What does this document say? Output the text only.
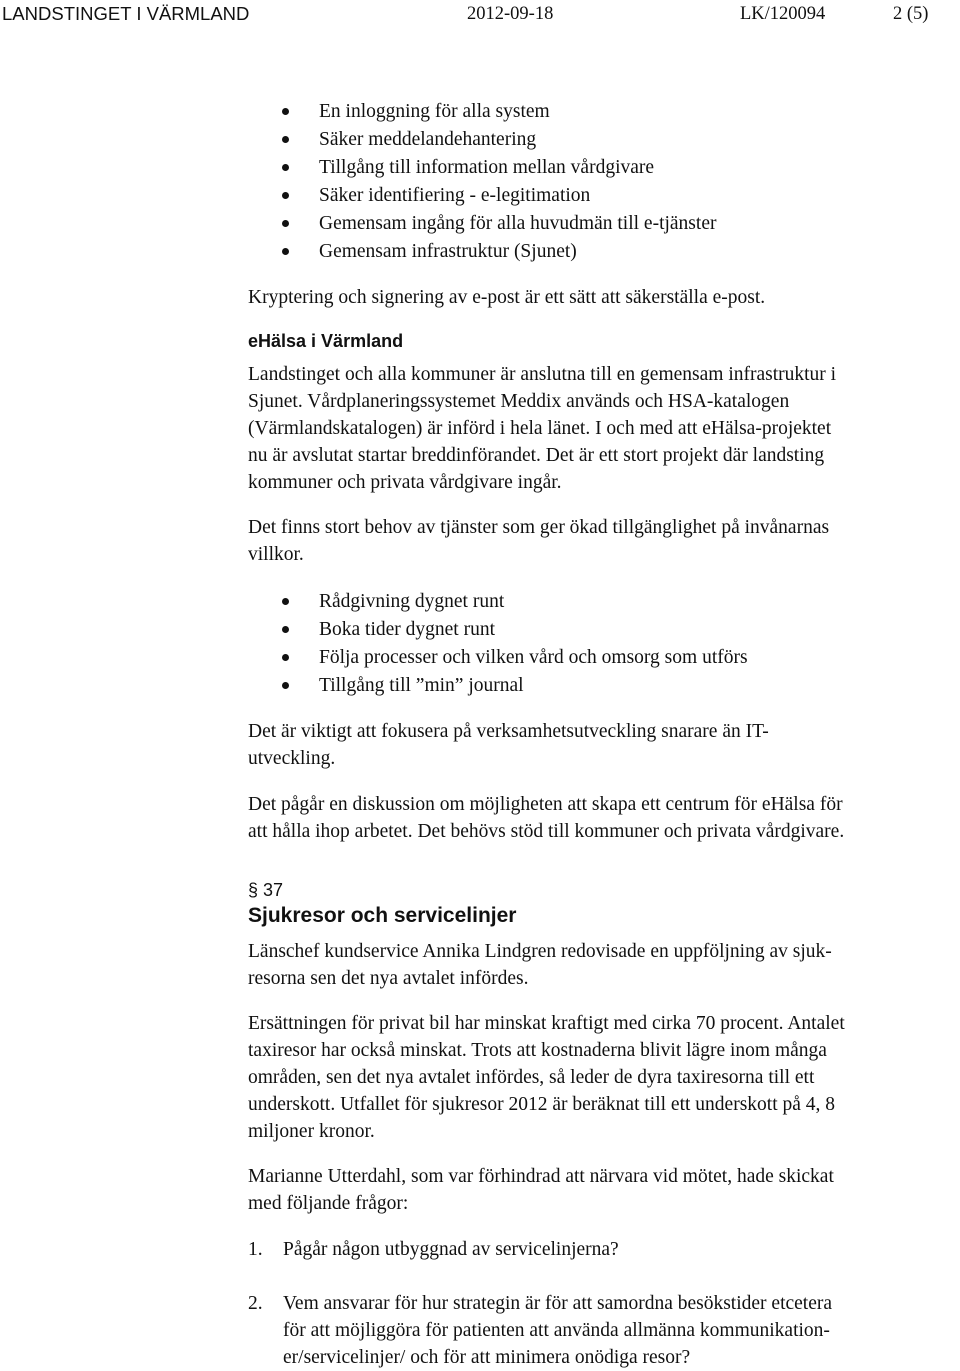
LANDSTINGET I VÄRMLAND	2012-09-18	LK/120094	2 (5)
En inloggning för alla system
Säker meddelandehantering
Tillgång till information mellan vårdgivare
Säker identifiering - e-legitimation
Gemensam ingång för alla huvudmän till e-tjänster
Gemensam infrastruktur (Sjunet)

Kryptering och signering av e-post är ett sätt att säkerställa e-post.

eHälsa i Värmland

Landstinget och alla kommuner är anslutna till en gemensam infrastruktur i
Sjunet. Vårdplaneringssystemet Meddix används och HSA-katalogen
(Värmlandskatalogen) är införd i hela länet. I och med att eHälsa-projektet
nu är avslutat startar breddinförandet. Det är ett stort projekt där landsting
kommuner och privata vårdgivare ingår.

Det finns stort behov av tjänster som ger ökad tillgänglighet på invånarnas
villkor.

Rådgivning dygnet runt
Boka tider dygnet runt
Följa processer och vilken vård och omsorg som utförs
Tillgång till ”min” journal

Det är viktigt att fokusera på verksamhetsutveckling snarare än IT-
utveckling.

Det pågår en diskussion om möjligheten att skapa ett centrum för eHälsa för
att hålla ihop arbetet. Det behövs stöd till kommuner och privata vårdgivare.

§ 37

Sjukresor och servicelinjer

Länschef kundservice Annika Lindgren redovisade en uppföljning av sjuk-
resorna sen det nya avtalet infördes.

Ersättningen för privat bil har minskat kraftigt med cirka 70 procent. Antalet
taxiresor har också minskat. Trots att kostnaderna blivit lägre inom många
områden, sen det nya avtalet infördes, så leder de dyra taxiresorna till ett
underskott. Utfallet för sjukresor 2012 är beräknat till ett underskott på 4, 8
miljoner kronor.

Marianne Utterdahl, som var förhindrad att närvara vid mötet, hade skickat
med följande frågor:

1. Pågår någon utbyggnad av servicelinjerna?
2. Vem ansvarar för hur strategin är för att samordna besökstider etcetera
för att möjliggöra för patienten att använda allmänna kommunikation-
er/servicelinjer/ och för att minimera onödiga resor?
